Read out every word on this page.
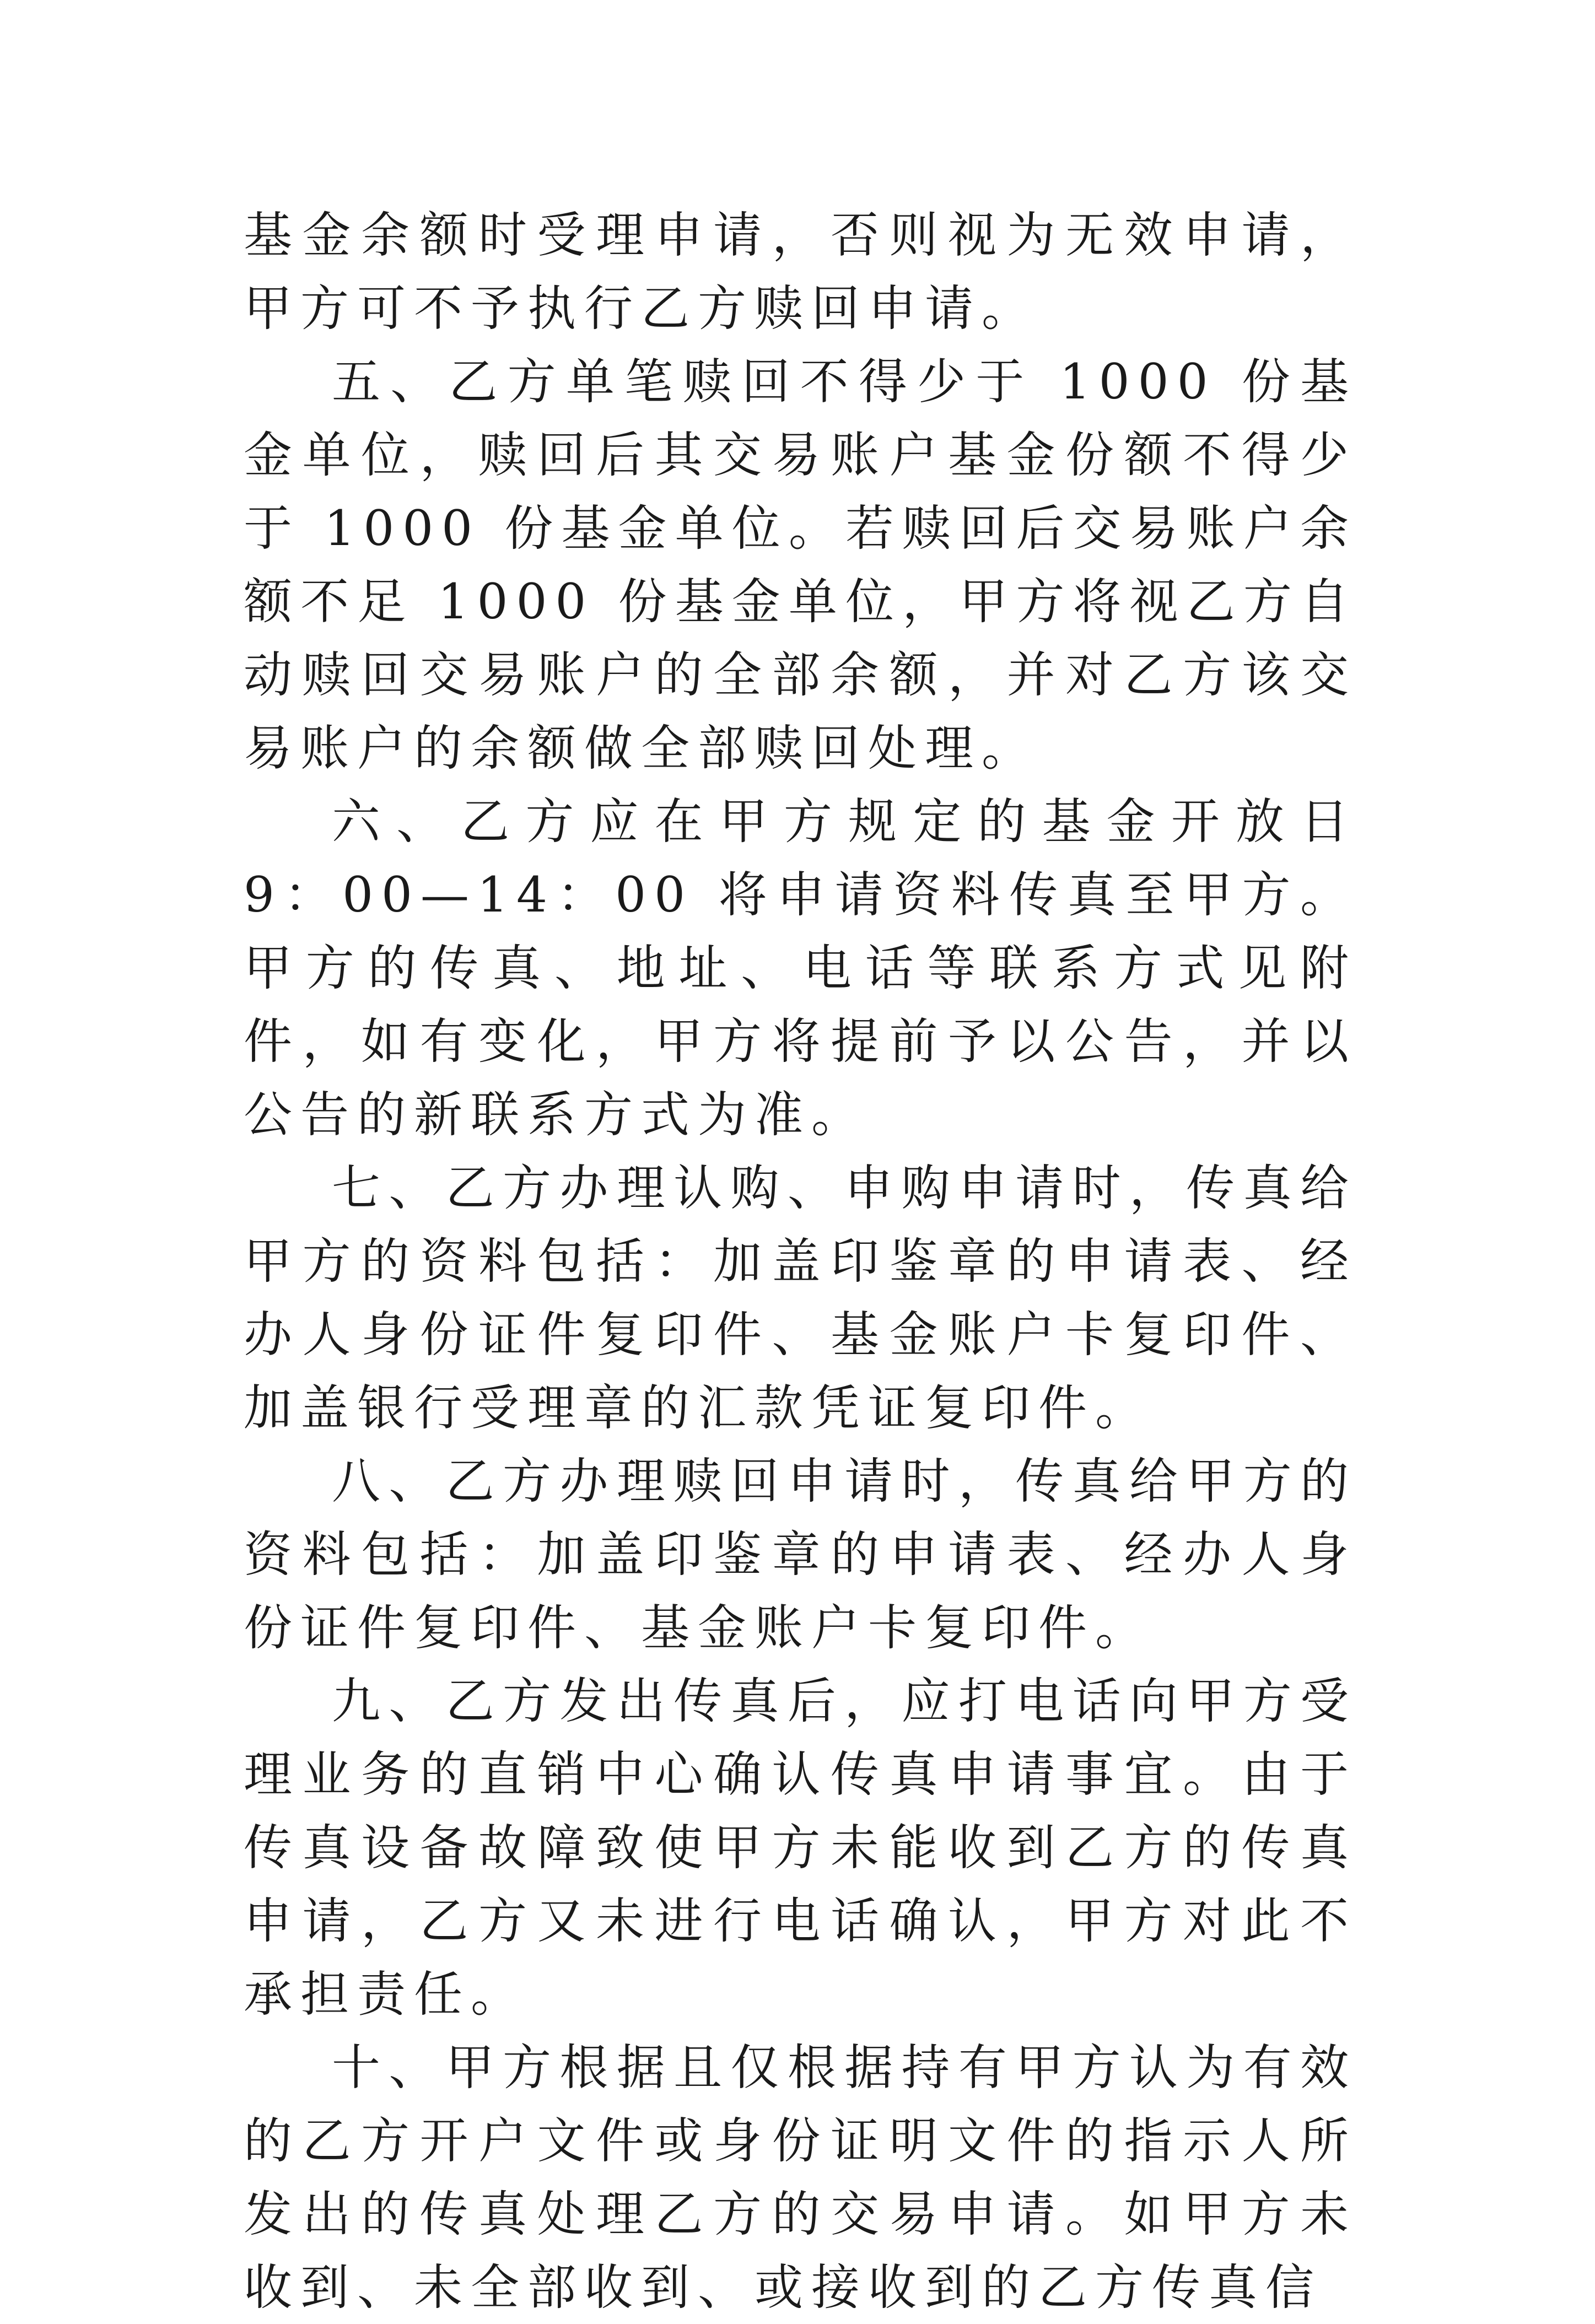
基金余额时受理申请，否则视为无效申请，甲方可不予执行乙方赎回申请。

五、乙方单笔赎回不得少于 1000 份基金单位，赎回后其交易账户基金份额不得少于 1000 份基金单位。若赎回后交易账户余额不足 1000 份基金单位，甲方将视乙方自动赎回交易账户的全部余额，并对乙方该交易账户的余额做全部赎回处理。

六、乙方应在甲方规定的基金开放日 9：00—14：00 将申请资料传真至甲方。甲方的传真、地址、电话等联系方式见附件，如有变化，甲方将提前予以公告，并以公告的新联系方式为准。

七、乙方办理认购、申购申请时，传真给甲方的资料包括：加盖印鉴章的申请表、经办人身份证件复印件、基金账户卡复印件、加盖银行受理章的汇款凭证复印件。

八、乙方办理赎回申请时，传真给甲方的资料包括：加盖印鉴章的申请表、经办人身份证件复印件、基金账户卡复印件。

九、乙方发出传真后，应打电话向甲方受理业务的直销中心确认传真申请事宜。由于传真设备故障致使甲方未能收到乙方的传真申请，乙方又未进行电话确认，甲方对此不承担责任。

十、甲方根据且仅根据持有甲方认为有效的乙方开户文件或身份证明文件的指示人所发出的传真处理乙方的交易申请。如甲方未收到、未全部收到、或接收到的乙方传真信
